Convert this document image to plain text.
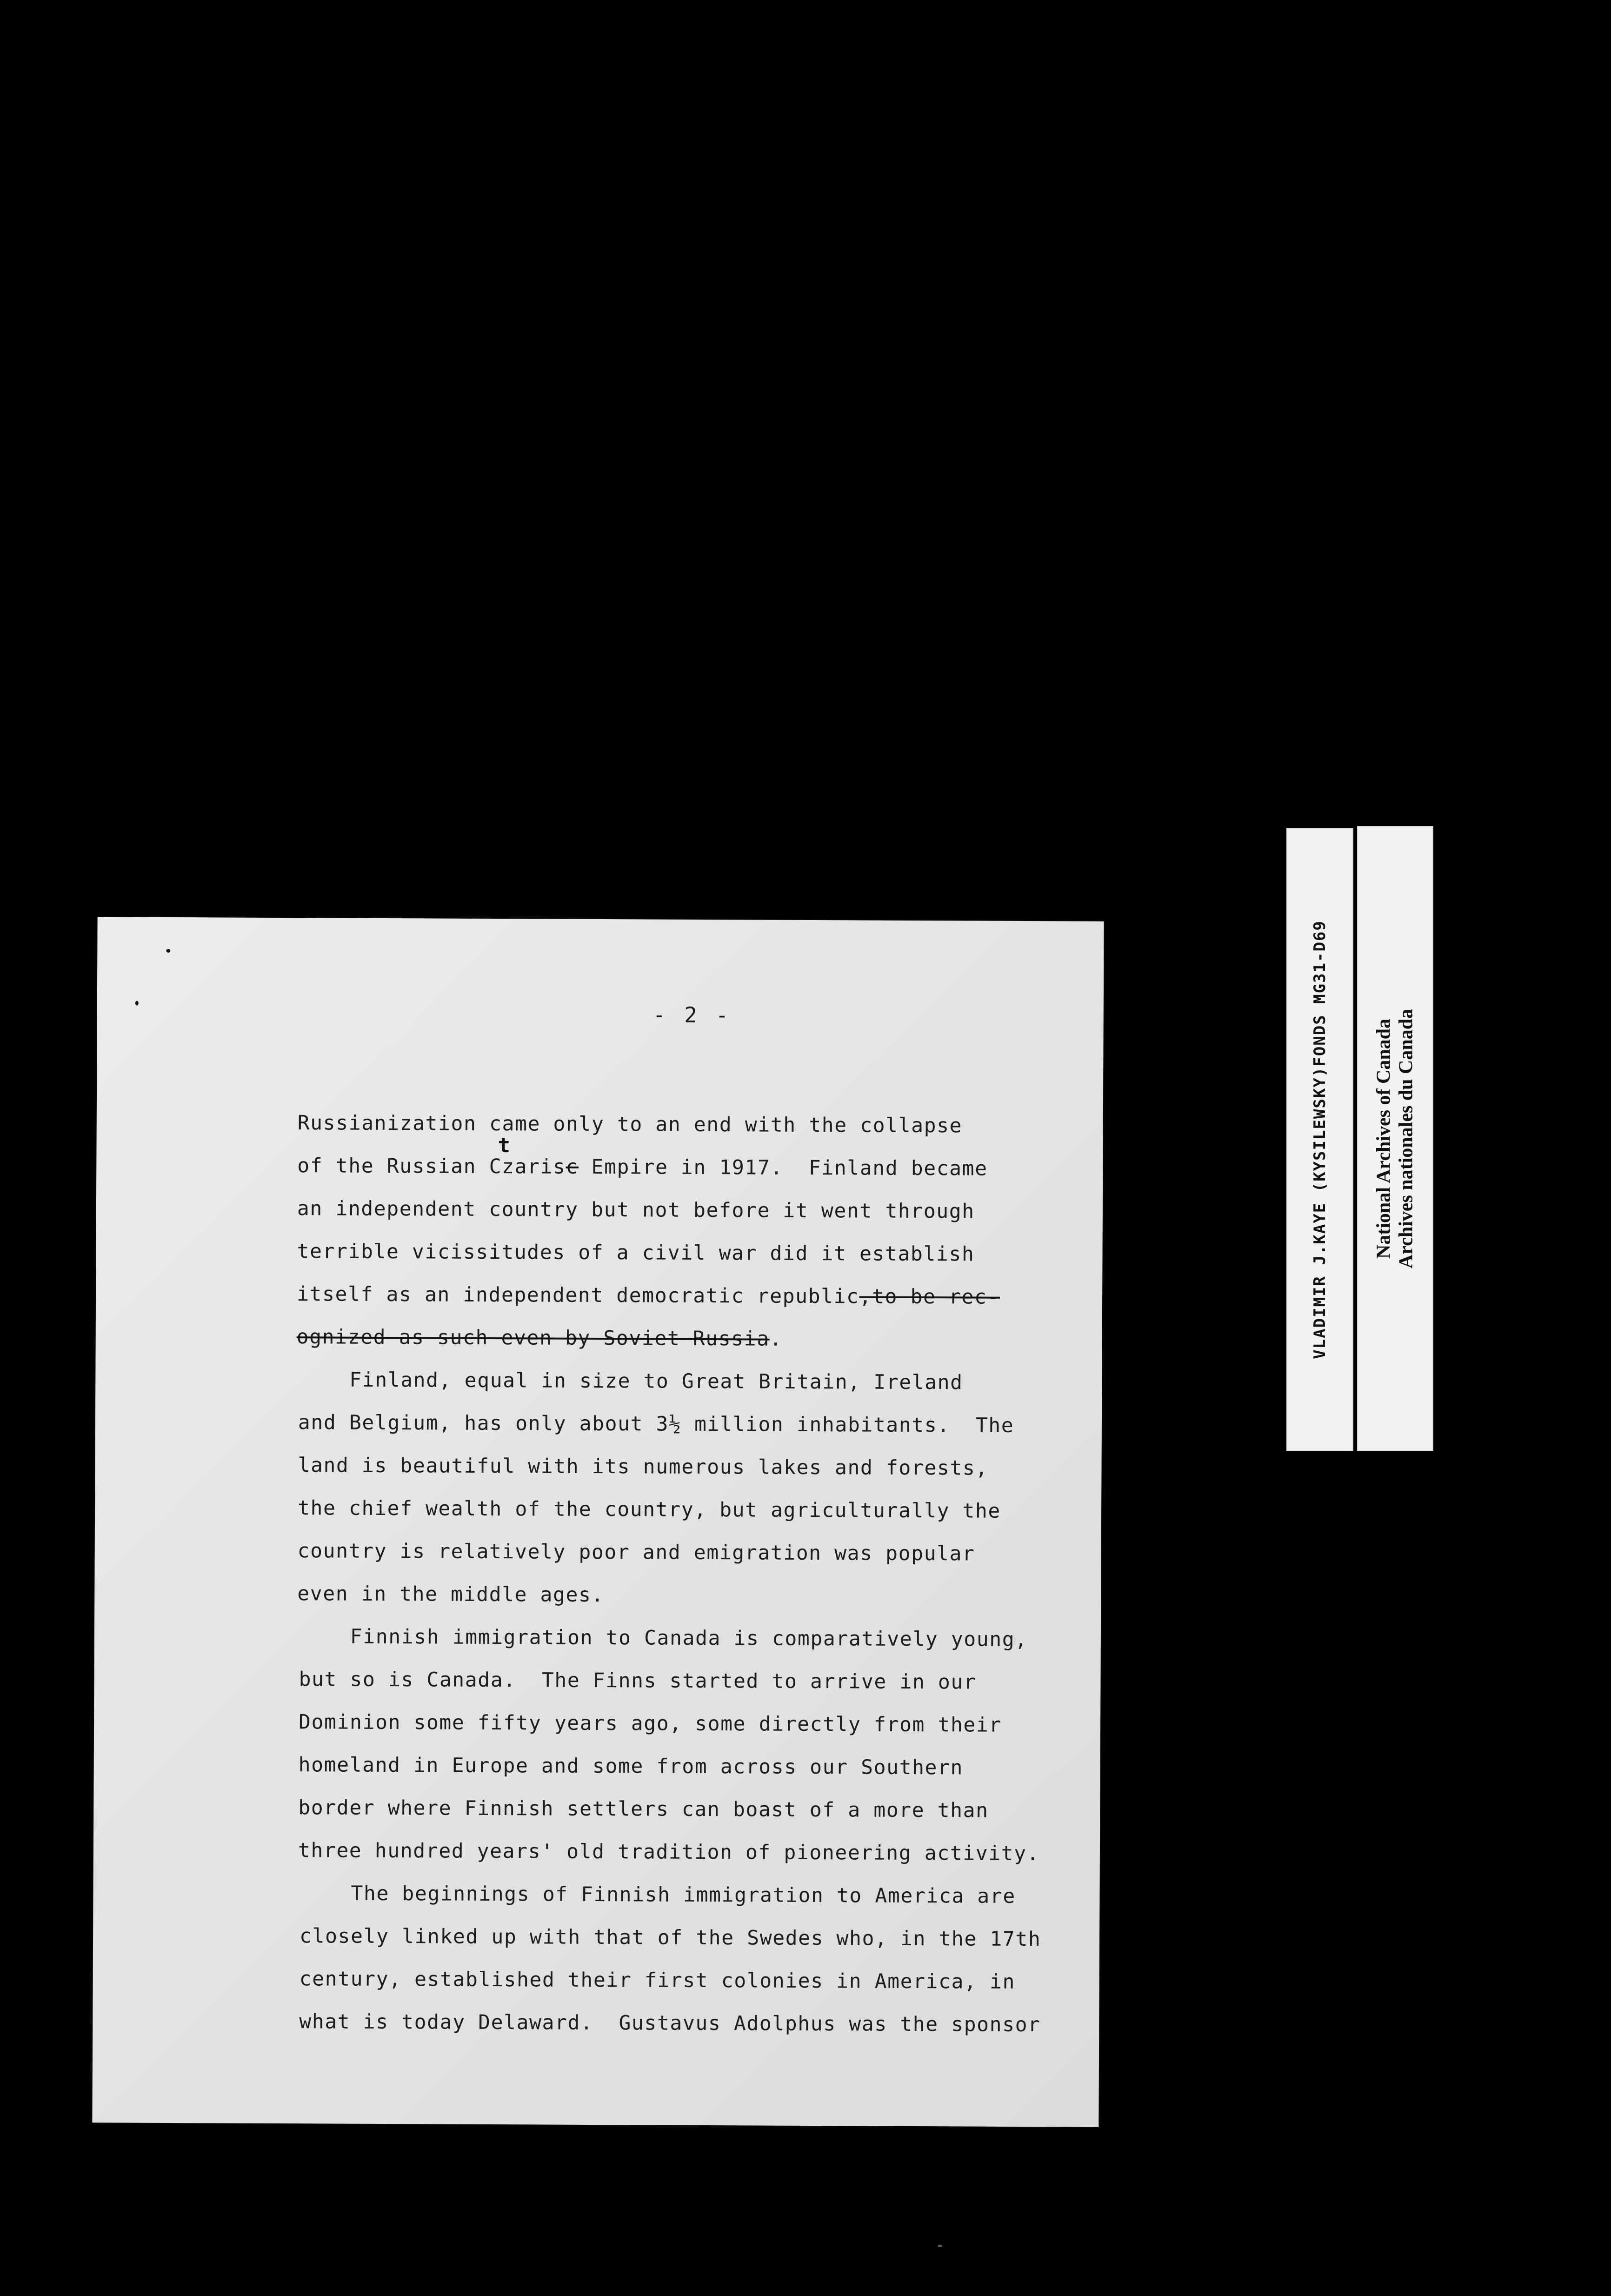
- 2 -
Russianization came only to an end with the collapse
t
of the Russian Czarisc Empire in 1917.  Finland became
an independent country but not before it went through
terrible vicissitudes of a civil war did it establish
itself as an independent democratic republic,to be rec-
ognized as such even by Soviet Russia.
Finland, equal in size to Great Britain, Ireland
and Belgium, has only about 3½ million inhabitants.  The
land is beautiful with its numerous lakes and forests,
the chief wealth of the country, but agriculturally the
country is relatively poor and emigration was popular
even in the middle ages.
Finnish immigration to Canada is comparatively young,
but so is Canada.  The Finns started to arrive in our
Dominion some fifty years ago, some directly from their
homeland in Europe and some from across our Southern
border where Finnish settlers can boast of a more than
three hundred years' old tradition of pioneering activity.
The beginnings of Finnish immigration to America are
closely linked up with that of the Swedes who, in the 17th
century, established their first colonies in America, in
what is today Delaward.  Gustavus Adolphus was the sponsor
VLADIMIR J.KAYE (KYSILEWSKY)FONDS MG31-D69 National Archives of Canada Archives nationales du Canada
